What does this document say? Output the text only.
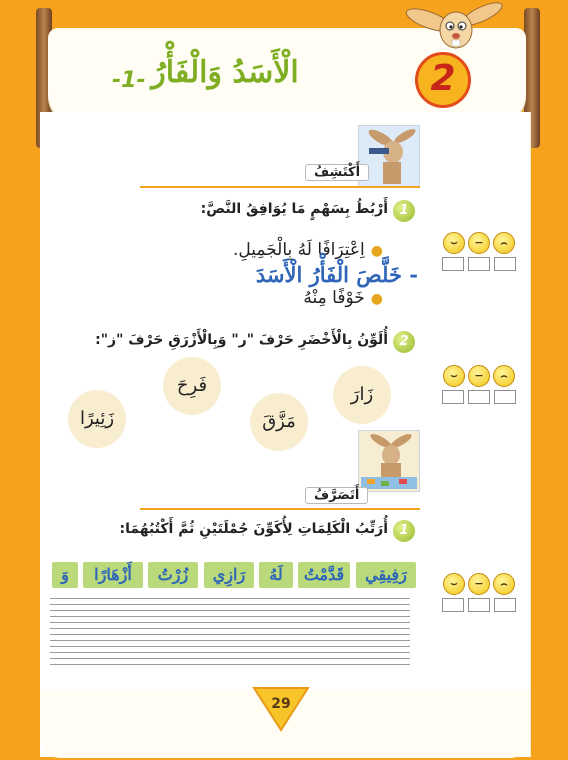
2
الْأَسَدُ وَالْفَأْرُ
-1-
أَكْتَشِفُ
1
أَرْبُطُ بِسَهْمٍ مَا يُوَافِقُ النَّصَّ:
●اِعْتِرَافًا لَهُ بِالْجَمِيلِ.
- خَلَّصَ الْفَأْرُ الْأَسَدَ
●خَوْفًا مِنْهُ
2
أُلَوِّنُ بِالْأَخْضَرِ حَرْفَ "ر" وَبِالْأَزْرَقِ حَرْفَ "ز":
زَارَ
فَرِحَ
مَزَّقَ
زَئِيرًا
أَتَصَرَّفُ
1
أُرَتِّبُ الْكَلِمَاتِ لِأُكَوِّنَ جُمْلَتَيْنِ ثُمَّ أَكْتُبُهُمَا:
رَفِيقِي
قَدَّمْتُ
لَهُ
رَازِي
زُرْتُ
أَزْهَارًا
وَ
⌣	−	⌢
⌣	−	⌢
⌣	−	⌢
29
